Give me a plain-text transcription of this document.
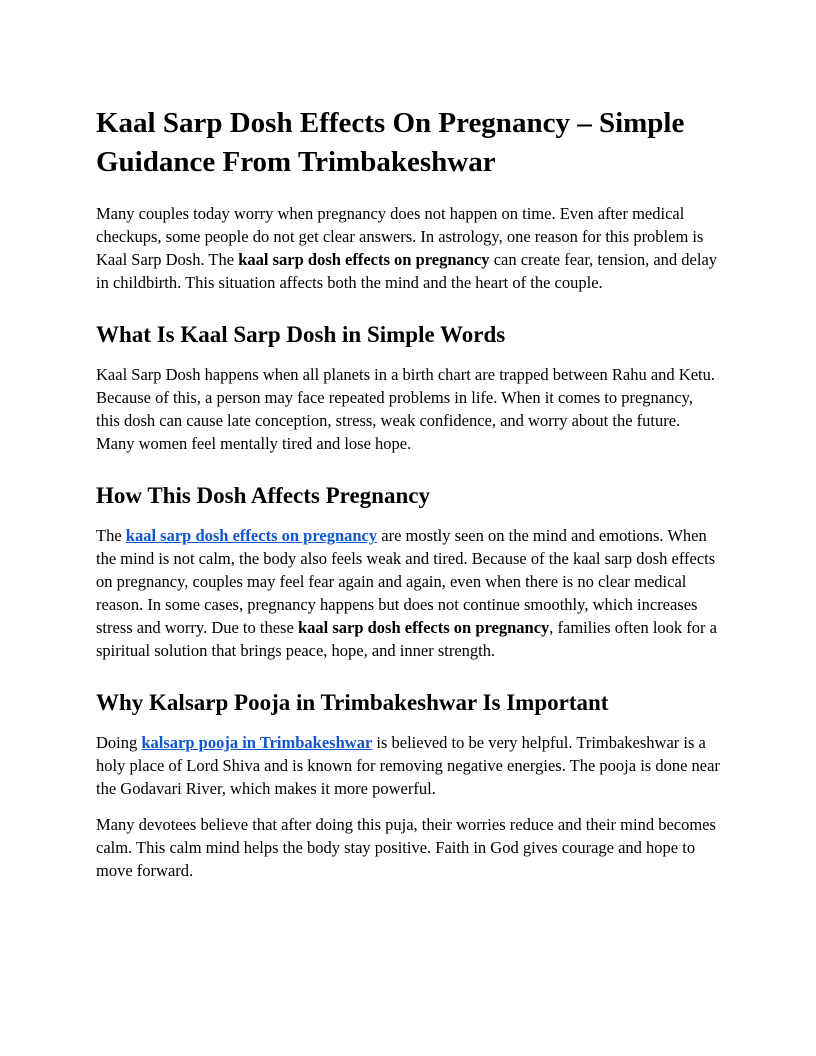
Kaal Sarp Dosh Effects On Pregnancy – Simple Guidance From Trimbakeshwar

Many couples today worry when pregnancy does not happen on time. Even after medical checkups, some people do not get clear answers. In astrology, one reason for this problem is Kaal Sarp Dosh. The kaal sarp dosh effects on pregnancy can create fear, tension, and delay in childbirth. This situation affects both the mind and the heart of the couple.

What Is Kaal Sarp Dosh in Simple Words

Kaal Sarp Dosh happens when all planets in a birth chart are trapped between Rahu and Ketu. Because of this, a person may face repeated problems in life. When it comes to pregnancy, this dosh can cause late conception, stress, weak confidence, and worry about the future. Many women feel mentally tired and lose hope.

How This Dosh Affects Pregnancy

The kaal sarp dosh effects on pregnancy are mostly seen on the mind and emotions. When the mind is not calm, the body also feels weak and tired. Because of the kaal sarp dosh effects on pregnancy, couples may feel fear again and again, even when there is no clear medical reason. In some cases, pregnancy happens but does not continue smoothly, which increases stress and worry. Due to these kaal sarp dosh effects on pregnancy, families often look for a spiritual solution that brings peace, hope, and inner strength.

Why Kalsarp Pooja in Trimbakeshwar Is Important

Doing kalsarp pooja in Trimbakeshwar is believed to be very helpful. Trimbakeshwar is a holy place of Lord Shiva and is known for removing negative energies. The pooja is done near the Godavari River, which makes it more powerful.

Many devotees believe that after doing this puja, their worries reduce and their mind becomes calm. This calm mind helps the body stay positive. Faith in God gives courage and hope to move forward.
